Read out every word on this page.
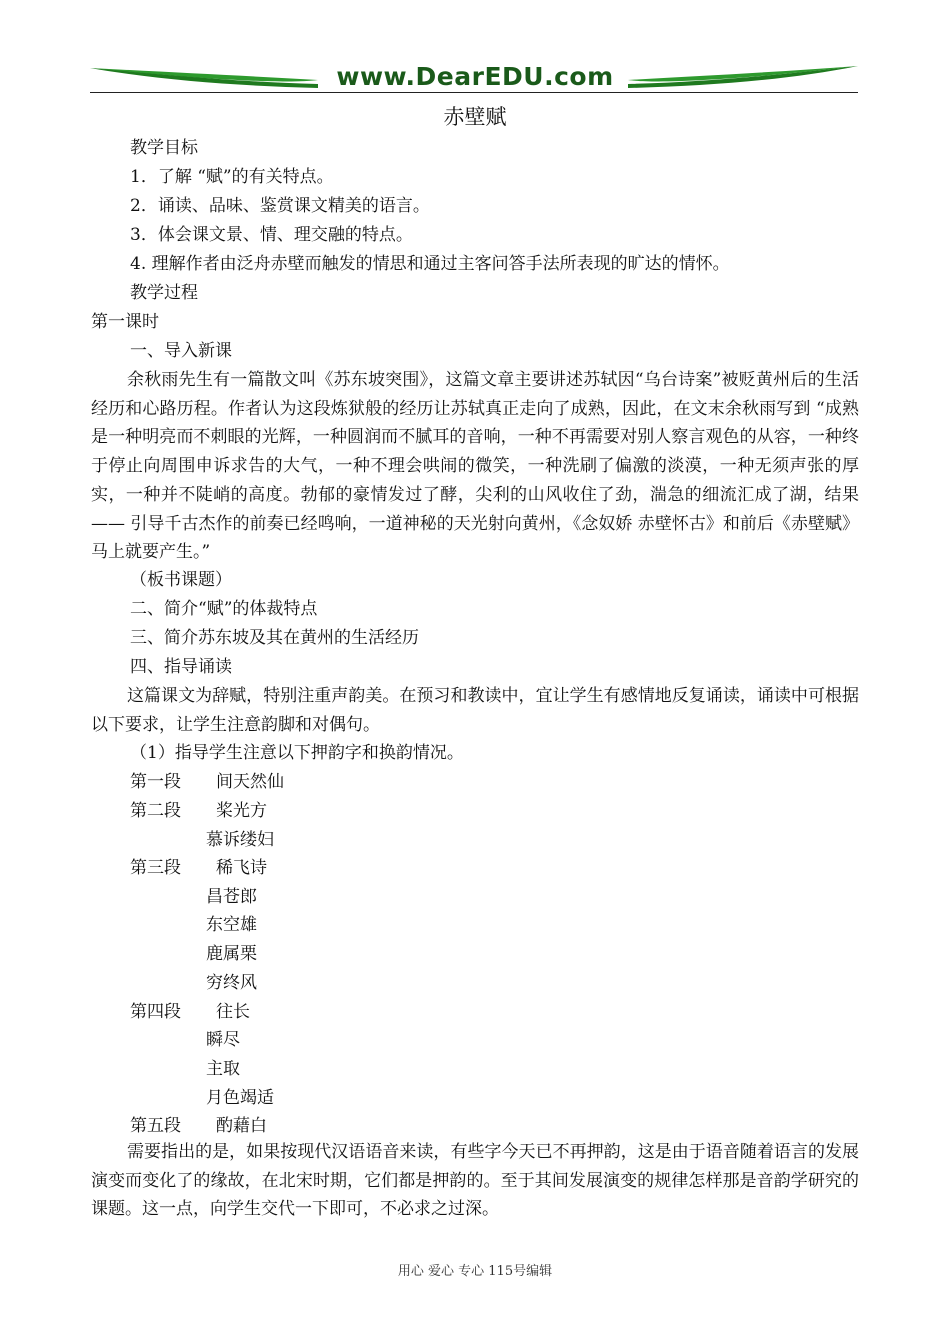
www.DearEDU.com
赤壁赋
教学目标
1．了解 “赋”的有关特点。
2．诵读、品味、鉴赏课文精美的语言。
3．体会课文景、情、理交融的特点。
4. 理解作者由泛舟赤壁而触发的情思和通过主客问答手法所表现的旷达的情怀。
教学过程
第一课时
一、导入新课
余秋雨先生有一篇散文叫《苏东坡突围》，这篇文章主要讲述苏轼因“乌台诗案”被贬黄州后的生活经历和心路历程。作者认为这段炼狱般的经历让苏轼真正走向了成熟，因此，在文末余秋雨写到 “成熟是一种明亮而不刺眼的光辉，一种圆润而不腻耳的音响，一种不再需要对别人察言观色的从容，一种终于停止向周围申诉求告的大气，一种不理会哄闹的微笑，一种洗刷了偏激的淡漠，一种无须声张的厚实，一种并不陡峭的高度。勃郁的豪情发过了酵，尖利的山风收住了劲，湍急的细流汇成了湖，结果—— 引导千古杰作的前奏已经鸣响，一道神秘的天光射向黄州，《念奴娇 赤壁怀古》和前后《赤壁赋》马上就要产生。”
（板书课题）
二、简介“赋”的体裁特点
三、简介苏东坡及其在黄州的生活经历
四、指导诵读
这篇课文为辞赋，特别注重声韵美。在预习和教读中，宜让学生有感情地反复诵读，诵读中可根据以下要求，让学生注意韵脚和对偶句。
（1）指导学生注意以下押韵字和换韵情况。
第一段 间天然仙
第二段 桨光方
慕诉缕妇
第三段 稀飞诗
昌苍郎
东空雄
鹿属栗
穷终风
第四段 往长
瞬尽
主取
月色竭适
第五段 酌藉白
需要指出的是，如果按现代汉语语音来读，有些字今天已不再押韵，这是由于语音随着语言的发展演变而变化了的缘故，在北宋时期，它们都是押韵的。至于其间发展演变的规律怎样那是音韵学研究的课题。这一点，向学生交代一下即可，不必求之过深。
用心 爱心 专心 115号编辑
